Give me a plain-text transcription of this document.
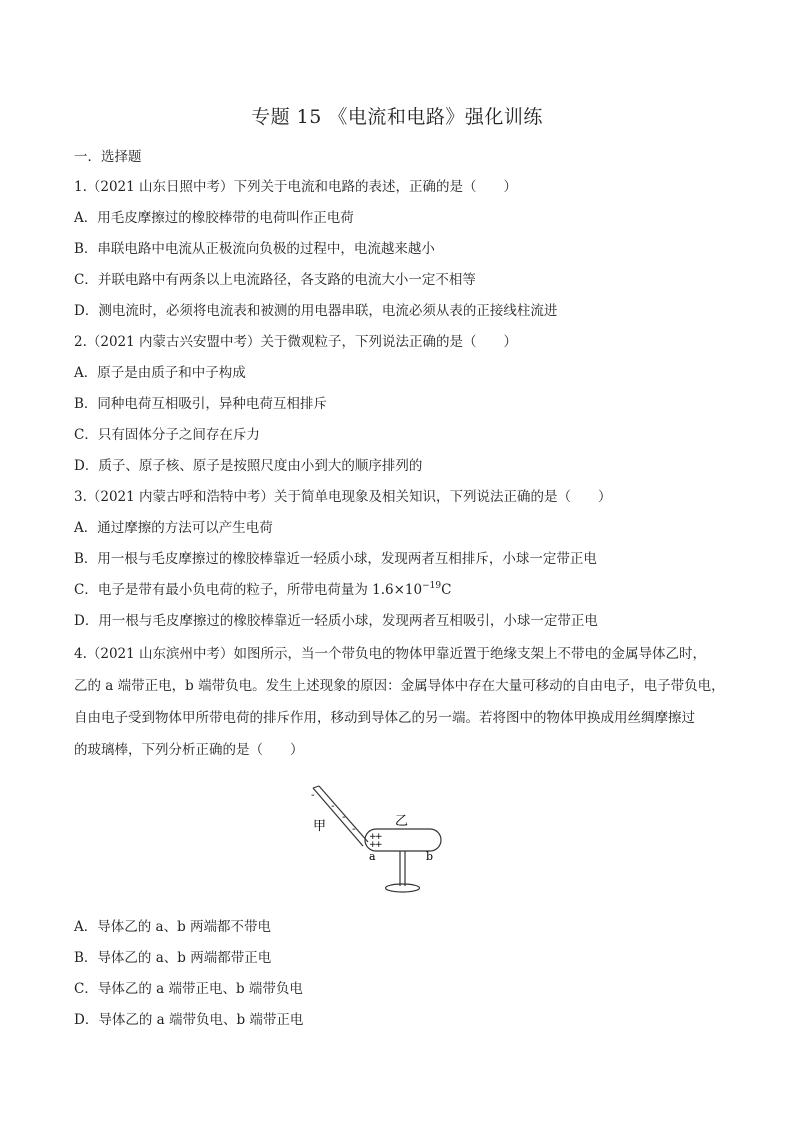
专题 15 《电流和电路》强化训练
一．选择题
1.（2021 山东日照中考）下列关于电流和电路的表述，正确的是（　　）
A．用毛皮摩擦过的橡胶棒带的电荷叫作正电荷
B．串联电路中电流从正极流向负极的过程中，电流越来越小
C．并联电路中有两条以上电流路径，各支路的电流大小一定不相等
D．测电流时，必须将电流表和被测的用电器串联，电流必须从表的正接线柱流进
2.（2021 内蒙古兴安盟中考）关于微观粒子，下列说法正确的是（　　）
A．原子是由质子和中子构成
B．同种电荷互相吸引，异种电荷互相排斥
C．只有固体分子之间存在斥力
D．质子、原子核、原子是按照尺度由小到大的顺序排列的
3.（2021 内蒙古呼和浩特中考）关于简单电现象及相关知识，下列说法正确的是（　　）
A．通过摩擦的方法可以产生电荷
B．用一根与毛皮摩擦过的橡胶棒靠近一轻质小球，发现两者互相排斥，小球一定带正电
C．电子是带有最小负电荷的粒子，所带电荷量为 $1.6\times 10^{-19}C$
D．用一根与毛皮摩擦过的橡胶棒靠近一轻质小球，发现两者互相吸引，小球一定带正电
4.（2021 山东滨州中考）如图所示，当一个带负电的物体甲靠近置于绝缘支架上不带电的金属导体乙时，
乙的 a 端带正电，b 端带负电。发生上述现象的原因：金属导体中存在大量可移动的自由电子，电子带负电，
自由电子受到物体甲所带电荷的排斥作用，移动到导体乙的另一端。若将图中的物体甲换成用丝绸摩擦过
的玻璃棒，下列分析正确的是（　　）
-
-
-
-
甲	乙
+
+
+
+
a	b
A．导体乙的 a、b 两端都不带电
B．导体乙的 a、b 两端都带正电
C．导体乙的 a 端带正电、b 端带负电
D．导体乙的 a 端带负电、b 端带正电
